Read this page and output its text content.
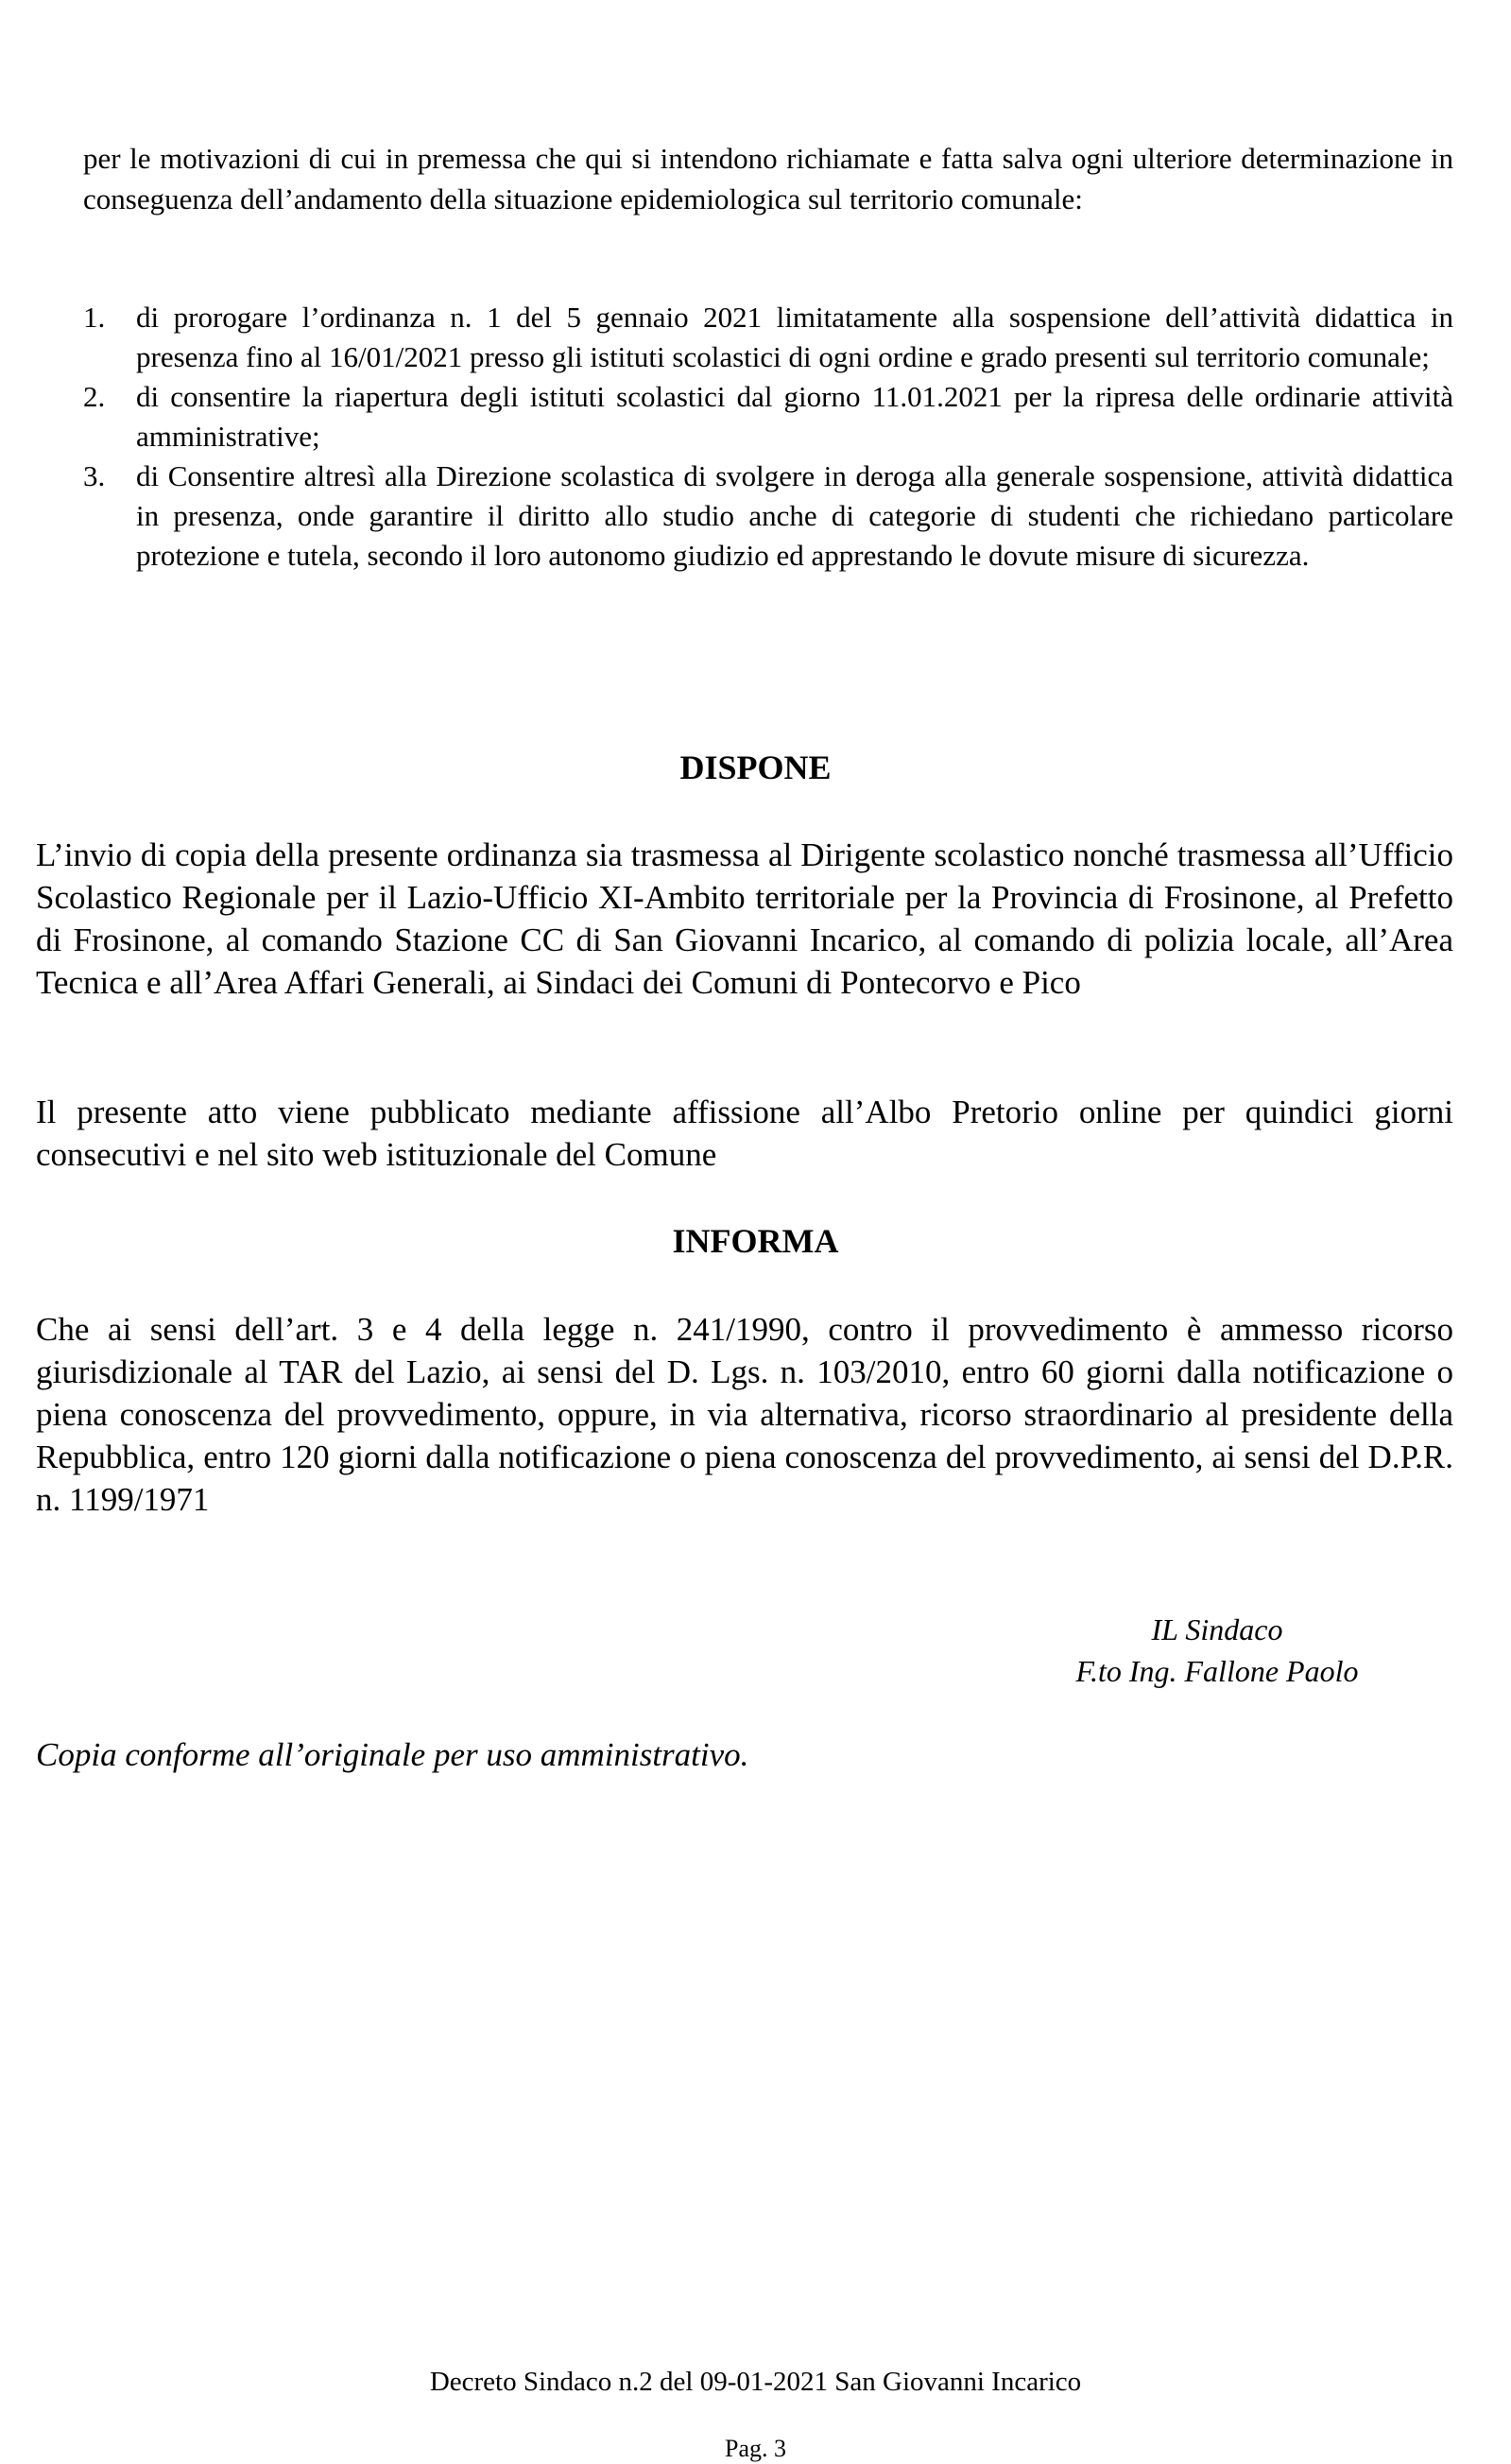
per le motivazioni di cui in premessa che qui si intendono richiamate e fatta salva ogni ulteriore determinazione in conseguenza dell’andamento della situazione epidemiologica sul territorio comunale:

1.	di prorogare l’ordinanza n. 1 del 5 gennaio 2021 limitatamente alla sospensione dell’attività didattica in presenza fino al 16/01/2021 presso gli istituti scolastici di ogni ordine e grado presenti sul territorio comunale;
2.	di consentire la riapertura degli istituti scolastici dal giorno 11.01.2021 per la ripresa delle ordinarie attività amministrative;
3.	di Consentire altresì alla Direzione scolastica di svolgere in deroga alla generale sospensione, attività didattica in presenza, onde garantire il diritto allo studio anche di categorie di studenti che richiedano particolare protezione e tutela, secondo il loro autonomo giudizio ed apprestando le dovute misure di sicurezza.
DISPONE

L’invio di copia della presente ordinanza sia trasmessa al Dirigente scolastico nonché trasmessa all’Ufficio Scolastico Regionale per il Lazio-Ufficio XI-Ambito territoriale per la Provincia di Frosinone, al Prefetto di Frosinone, al comando Stazione CC di San Giovanni Incarico, al comando di polizia locale, all’Area Tecnica e all’Area Affari Generali, ai Sindaci dei Comuni di Pontecorvo e Pico

Il presente atto viene pubblicato mediante affissione all’Albo Pretorio online per quindici giorni consecutivi e nel sito web istituzionale del Comune

INFORMA

Che ai sensi dell’art. 3 e 4 della legge n. 241/1990, contro il provvedimento è ammesso ricorso giurisdizionale al TAR del Lazio, ai sensi del D. Lgs. n. 103/2010, entro 60 giorni dalla notificazione o piena conoscenza del provvedimento, oppure, in via alternativa, ricorso straordinario al presidente della Repubblica, entro 120 giorni dalla notificazione o piena conoscenza del provvedimento, ai sensi del D.P.R. n. 1199/1971

IL Sindaco
F.to Ing. Fallone Paolo
Copia conforme all’originale per uso amministrativo.
Decreto Sindaco n.2 del 09-01-2021 San Giovanni Incarico
Pag. 3
